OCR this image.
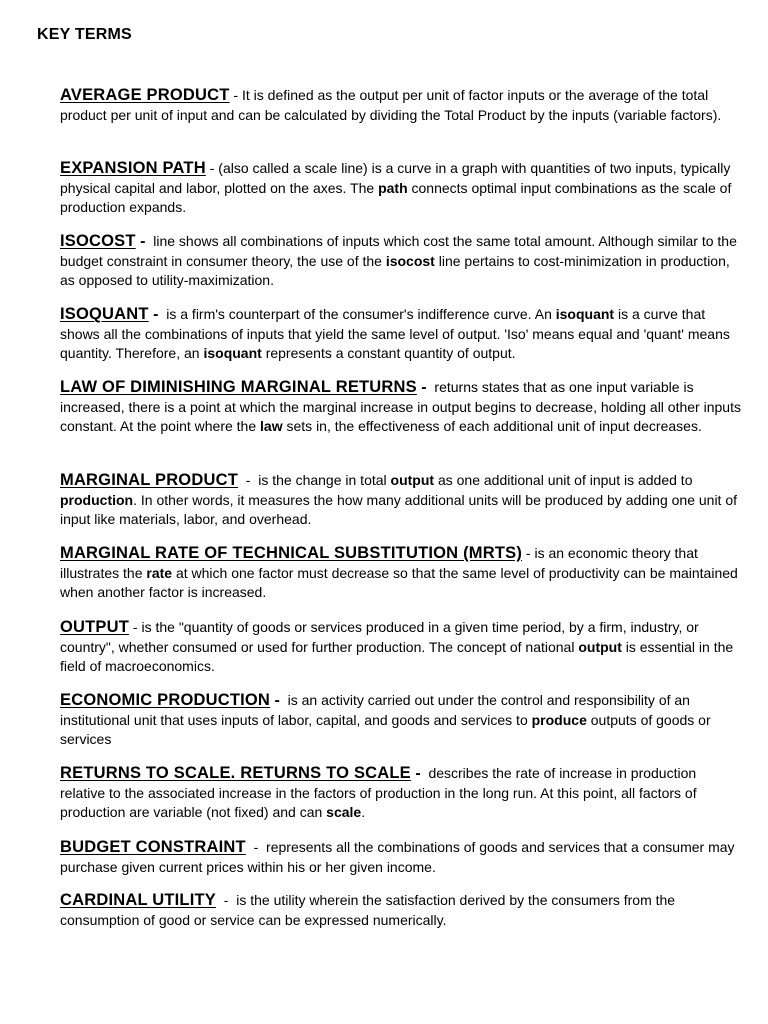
KEY TERMS
AVERAGE PRODUCT - It is defined as the output per unit of factor inputs or the average of the total product per unit of input and can be calculated by dividing the Total Product by the inputs (variable factors).
EXPANSION PATH - (also called a scale line) is a curve in a graph with quantities of two inputs, typically physical capital and labor, plotted on the axes. The path connects optimal input combinations as the scale of production expands.
ISOCOST -  line shows all combinations of inputs which cost the same total amount. Although similar to the budget constraint in consumer theory, the use of the isocost line pertains to cost-minimization in production, as opposed to utility-maximization.
ISOQUANT -  is a firm's counterpart of the consumer's indifference curve. An isoquant is a curve that shows all the combinations of inputs that yield the same level of output. 'Iso' means equal and 'quant' means quantity. Therefore, an isoquant represents a constant quantity of output.
LAW OF DIMINISHING MARGINAL RETURNS -  returns states that as one input variable is increased, there is a point at which the marginal increase in output begins to decrease, holding all other inputs constant. At the point where the law sets in, the effectiveness of each additional unit of input decreases.
MARGINAL PRODUCT  -  is the change in total output as one additional unit of input is added to production. In other words, it measures the how many additional units will be produced by adding one unit of input like materials, labor, and overhead.
MARGINAL RATE OF TECHNICAL SUBSTITUTION (MRTS) - is an economic theory that illustrates the rate at which one factor must decrease so that the same level of productivity can be maintained when another factor is increased.
OUTPUT - is the "quantity of goods or services produced in a given time period, by a firm, industry, or country", whether consumed or used for further production. The concept of national output is essential in the field of macroeconomics.
ECONOMIC PRODUCTION -  is an activity carried out under the control and responsibility of an institutional unit that uses inputs of labor, capital, and goods and services to produce outputs of goods or services
RETURNS TO SCALE. RETURNS TO SCALE -  describes the rate of increase in production relative to the associated increase in the factors of production in the long run. At this point, all factors of production are variable (not fixed) and can scale.
BUDGET CONSTRAINT  -  represents all the combinations of goods and services that a consumer may purchase given current prices within his or her given income.
CARDINAL UTILITY  -  is the utility wherein the satisfaction derived by the consumers from the consumption of good or service can be expressed numerically.
